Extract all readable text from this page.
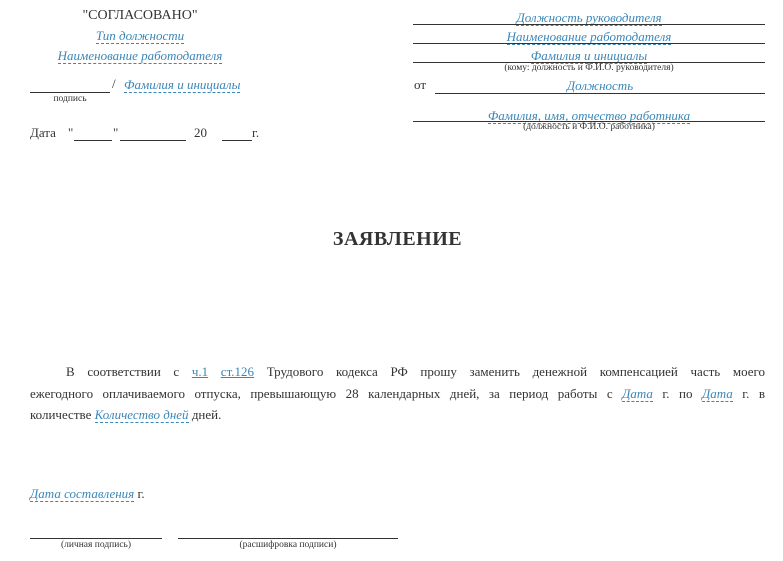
"СОГЛАСОВАНО"
Тип должности
Наименование работодателя
/ Фамилия и инициалы
подпись
Дата "	"	20	г.
Должность руководителя
Наименование работодателя
Фамилия и инициалы
(кому: должность и Ф.И.О. руководителя)
от	Должность
Фамилия, имя, отчество работника
(должность и Ф.И.О. работника)
ЗАЯВЛЕНИЕ
В соответствии с ч.1 ст.126 Трудового кодекса РФ прошу заменить денежной компенсацией часть моего
ежегодного оплачиваемого отпуска, превышающую 28 календарных дней, за период работы с Дата г. по Дата г. в
количестве Количество дней дней.
Дата составления г.
(личная подпись)	(расшифровка подписи)
